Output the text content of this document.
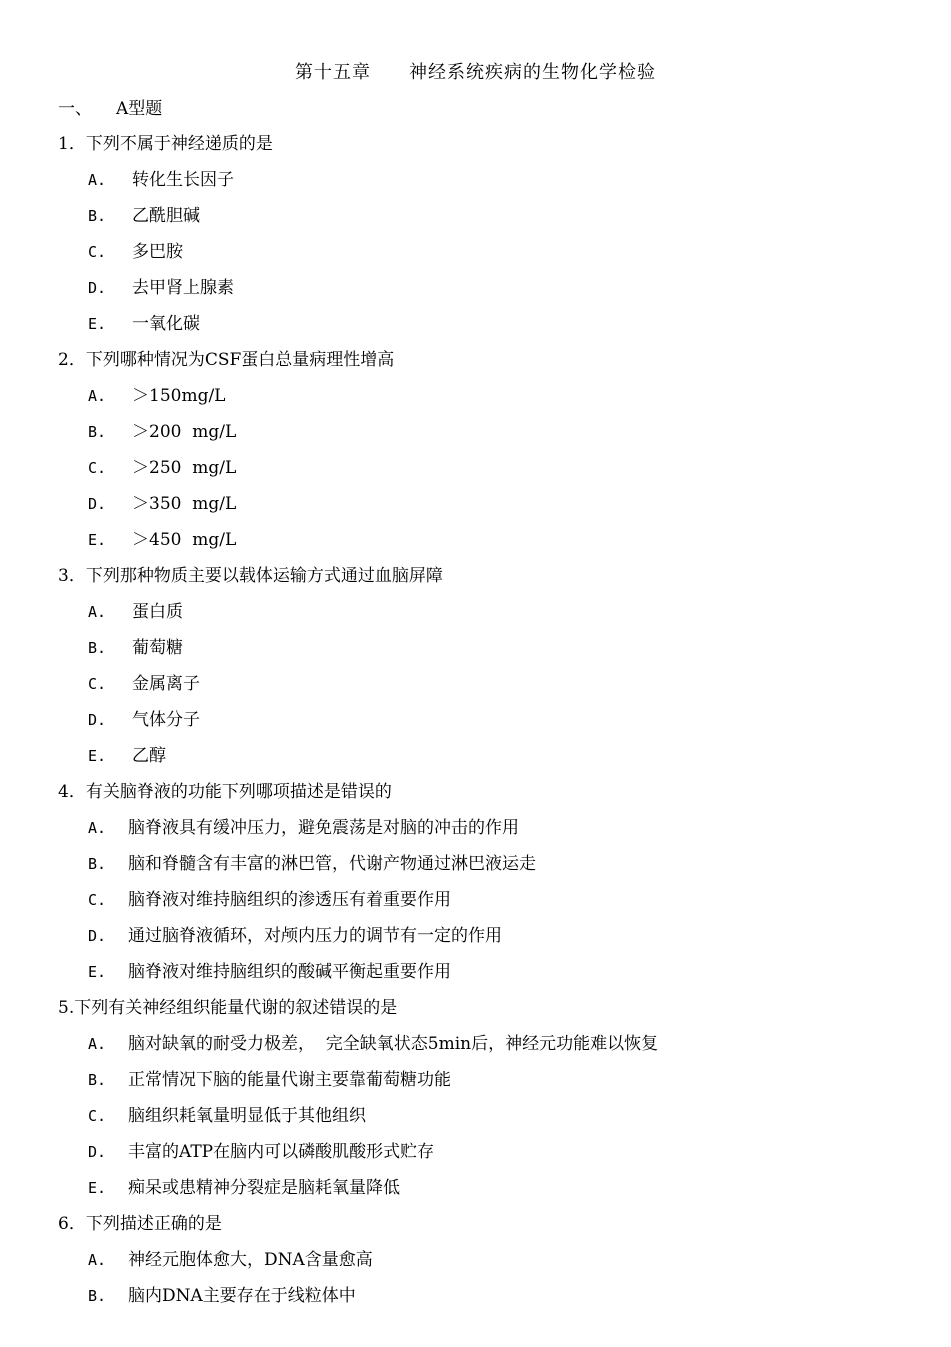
第十五章　　神经系统疾病的生物化学检验
一、 A型题
1．下列不属于神经递质的是
A. 转化生长因子
B. 乙酰胆碱
C. 多巴胺
D. 去甲肾上腺素
E. 一氧化碳
2．下列哪种情况为CSF蛋白总量病理性增高
A. ＞150mg/L
B. ＞200  mg/L
C. ＞250  mg/L
D. ＞350  mg/L
E. ＞450  mg/L
3．下列那种物质主要以载体运输方式通过血脑屏障
A. 蛋白质
B. 葡萄糖
C. 金属离子
D. 气体分子
E. 乙醇
4．有关脑脊液的功能下列哪项描述是错误的
A. 脑脊液具有缓冲压力，避免震荡是对脑的冲击的作用
B. 脑和脊髓含有丰富的淋巴管，代谢产物通过淋巴液运走
C. 脑脊液对维持脑组织的渗透压有着重要作用
D. 通过脑脊液循环，对颅内压力的调节有一定的作用
E. 脑脊液对维持脑组织的酸碱平衡起重要作用
5.下列有关神经组织能量代谢的叙述错误的是
A. 脑对缺氧的耐受力极差，  完全缺氧状态5min后，神经元功能难以恢复
B. 正常情况下脑的能量代谢主要靠葡萄糖功能
C. 脑组织耗氧量明显低于其他组织
D. 丰富的ATP在脑内可以磷酸肌酸形式贮存
E. 痴呆或患精神分裂症是脑耗氧量降低
6．下列描述正确的是
A. 神经元胞体愈大，DNA含量愈高
B. 脑内DNA主要存在于线粒体中
